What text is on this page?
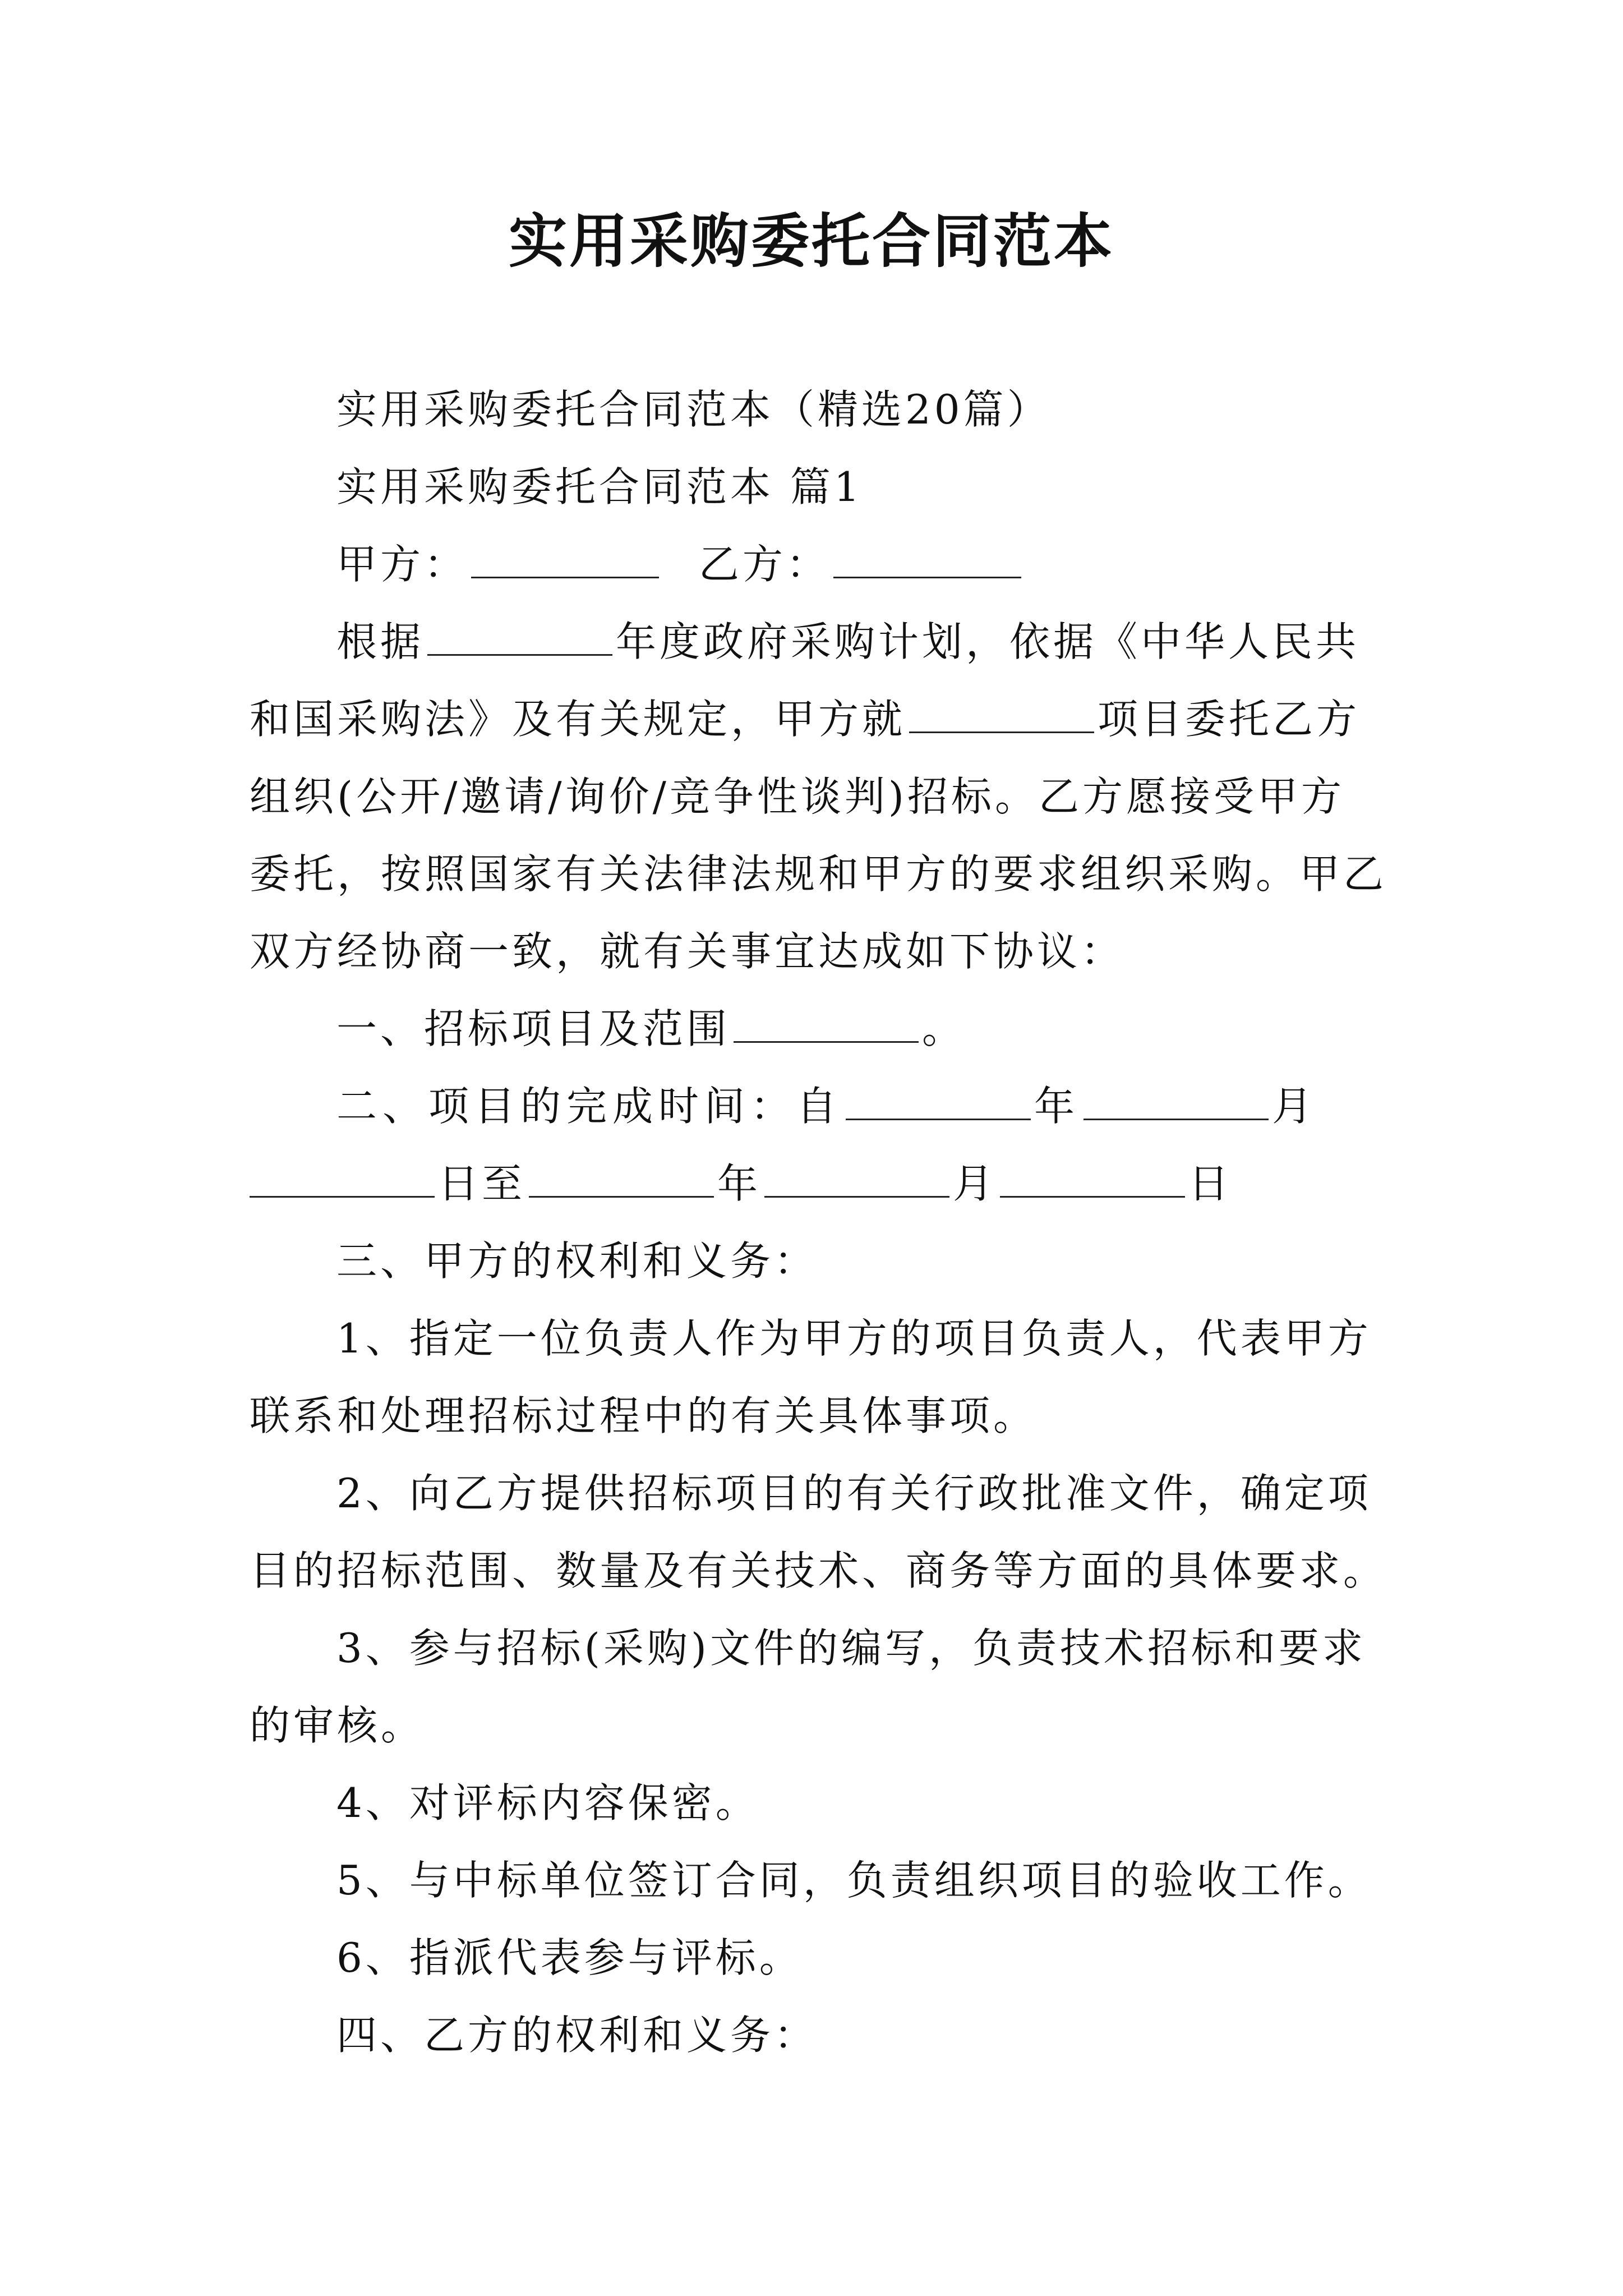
实用采购委托合同范本
实用采购委托合同范本（精选20篇）
实用采购委托合同范本 篇1
甲方：	乙方：
根据	年度政府采购计划，依据《中华人民共
和国采购法》及有关规定，甲方就	项目委托乙方
组织(公开/邀请/询价/竞争性谈判)招标。乙方愿接受甲方
委托，按照国家有关法律法规和甲方的要求组织采购。甲乙
双方经协商一致，就有关事宜达成如下协议：
一、招标项目及范围	。
二、项目的完成时间：自	年	月
日至	年	月	日
三、甲方的权利和义务：
1、指定一位负责人作为甲方的项目负责人，代表甲方
联系和处理招标过程中的有关具体事项。
2、向乙方提供招标项目的有关行政批准文件，确定项
目的招标范围、数量及有关技术、商务等方面的具体要求。
3、参与招标(采购)文件的编写，负责技术招标和要求
的审核。
4、对评标内容保密。
5、与中标单位签订合同，负责组织项目的验收工作。
6、指派代表参与评标。
四、乙方的权利和义务：
